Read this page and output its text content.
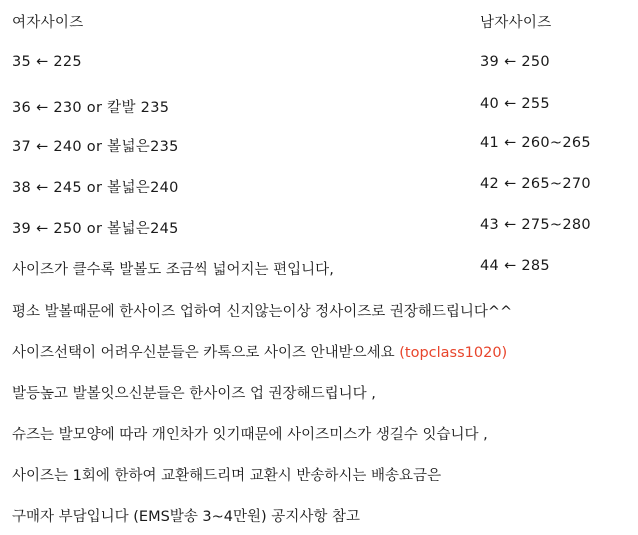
여자사이즈
35 ← 225
36 ← 230 or 칼발 235
37 ← 240 or 볼넓은235
38 ← 245 or 볼넓은240
39 ← 250 or 볼넓은245
남자사이즈
39 ← 250
40 ← 255
41 ← 260~265
42 ← 265~270
43 ← 275~280
44 ← 285
사이즈가 클수록 발볼도 조금씩 넓어지는 편입니다,
평소 발볼때문에 한사이즈 업하여 신지않는이상 정사이즈로 권장해드립니다^^
사이즈선택이 어려우신분들은 카톡으로 사이즈 안내받으세요 (topclass1020)
발등높고 발볼잇으신분들은 한사이즈 업 권장해드립니다 ,
슈즈는 발모양에 따라 개인차가 잇기때문에 사이즈미스가 생길수 잇습니다 ,
사이즈는 1회에 한하여 교환해드리며 교환시 반송하시는 배송요금은
구매자 부담입니다 (EMS발송 3~4만원) 공지사항 참고
